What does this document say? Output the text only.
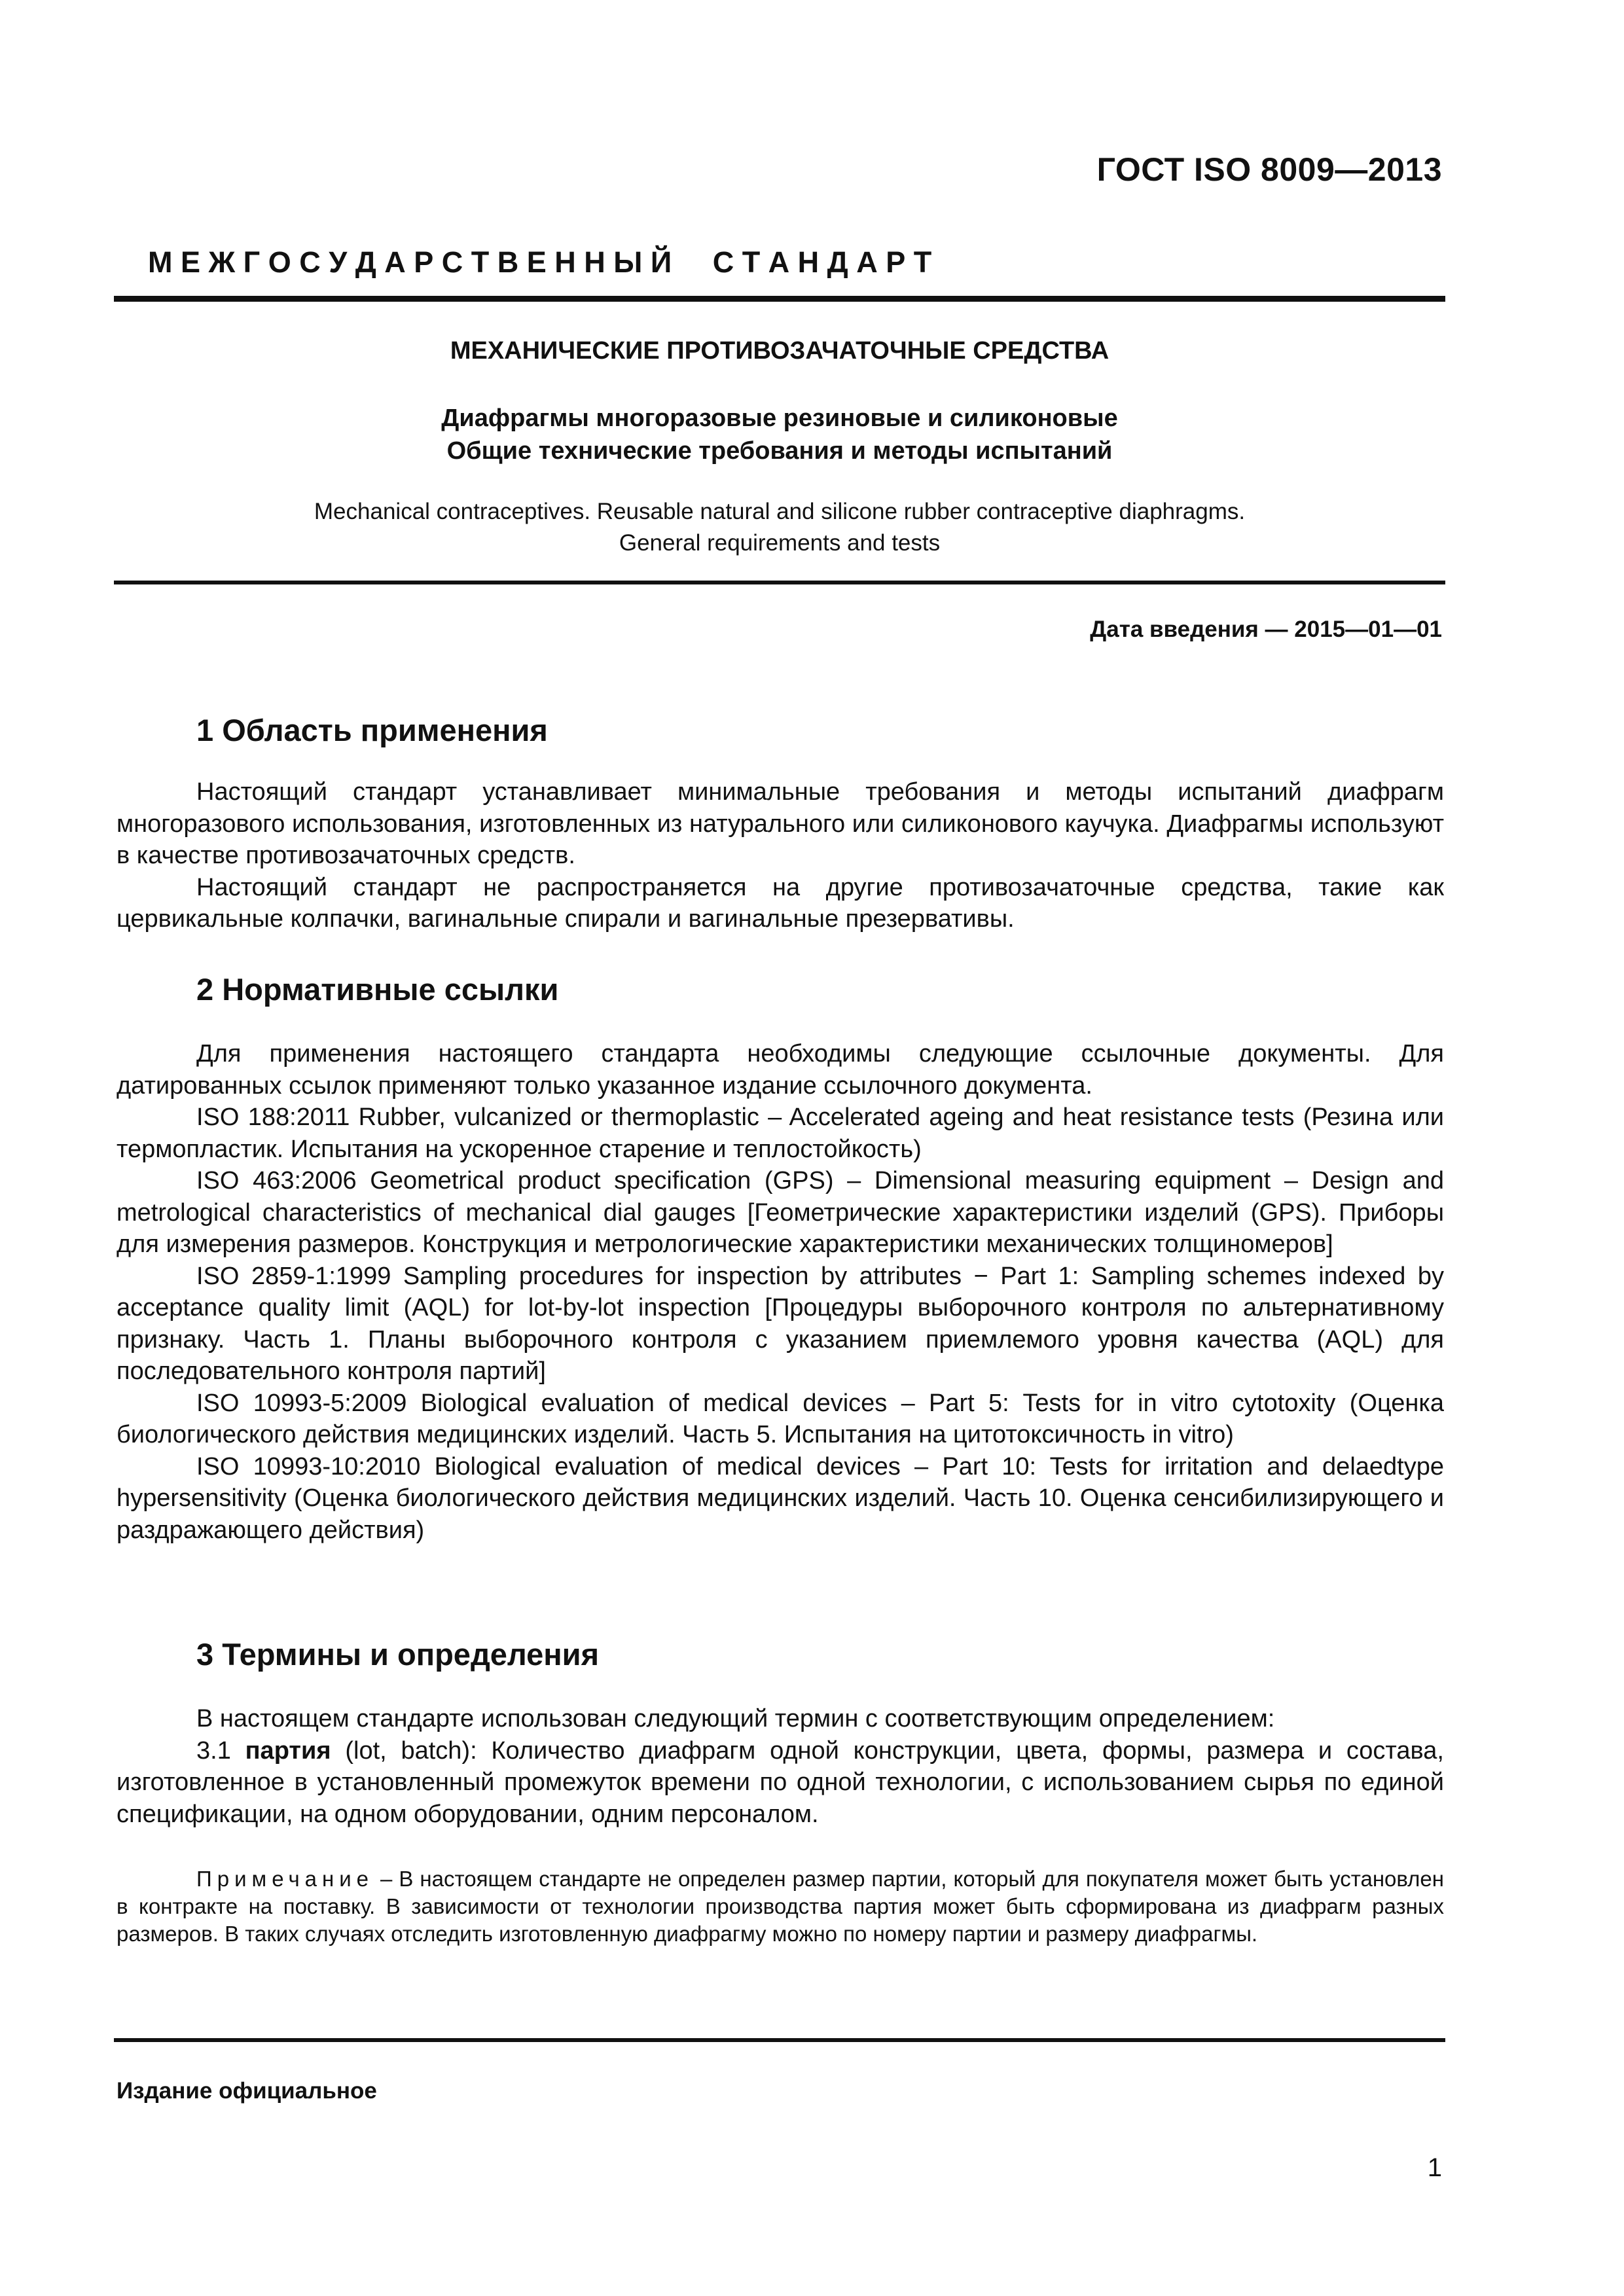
ГОСТ ISO 8009—2013
М Е Ж Г О С У Д А Р С Т В Е Н Н Ы Й     С Т А Н Д А Р Т
МЕХАНИЧЕСКИЕ ПРОТИВОЗАЧАТОЧНЫЕ СРЕДСТВА
Диафрагмы многоразовые резиновые и силиконовые
Общие технические требования и методы испытаний
Mechanical contraceptives. Reusable natural and silicone rubber contraceptive diaphragms.
General requirements and tests
Дата введения — 2015—01—01
1 Область применения

Настоящий стандарт устанавливает минимальные требования и методы испытаний диафрагм многоразового использования, изготовленных из натурального или силиконового каучука. Диафрагмы используют в качестве противозачаточных средств.

Настоящий стандарт не распространяется на другие противозачаточные средства, такие как цервикальные колпачки, вагинальные спирали и вагинальные презервативы.

2 Нормативные ссылки

Для применения настоящего стандарта необходимы следующие ссылочные документы. Для датированных ссылок применяют только указанное издание ссылочного документа.

ISO 188:2011 Rubber, vulcanized or thermoplastic – Accelerated ageing and heat resistance tests (Резина или термопластик. Испытания на ускоренное старение и теплостойкость)

ISO 463:2006 Geometrical product specification (GPS) – Dimensional measuring equipment – Design and metrological characteristics of mechanical dial gauges [Геометрические характеристики изделий (GPS). Приборы для измерения размеров. Конструкция и метрологические характеристики механических толщиномеров]

ISO 2859-1:1999 Sampling procedures for inspection by attributes − Part 1: Sampling schemes indexed by acceptance quality limit (AQL) for lot-by-lot inspection [Процедуры выборочного контроля по альтернативному признаку. Часть 1. Планы выборочного контроля с указанием приемлемого уровня качества (AQL) для последовательного контроля партий]

ISO 10993-5:2009 Biological evaluation of medical devices – Part 5: Tests for in vitro cytotoxity (Оценка биологического действия медицинских изделий. Часть 5. Испытания на цитотоксичность in vitro)

ISO 10993-10:2010 Biological evaluation of medical devices – Part 10: Tests for irritation and delaedtype hypersensitivity (Оценка биологического действия медицинских изделий. Часть 10. Оценка сенсибилизирующего и раздражающего действия)

3 Термины и определения

В настоящем стандарте использован следующий термин с соответствующим определением:

3.1 партия (lot, batch): Количество диафрагм одной конструкции, цвета, формы, размера и состава, изготовленное в установленный промежуток времени по одной технологии, с использованием сырья по единой спецификации, на одном оборудовании, одним персоналом.

Примечание – В настоящем стандарте не определен размер партии, который для покупателя может быть установлен в контракте на поставку. В зависимости от технологии производства партия может быть сформирована из диафрагм разных размеров. В таких случаях отследить изготовленную диафрагму можно по номеру партии и размеру диафрагмы.

Издание официальное
1
